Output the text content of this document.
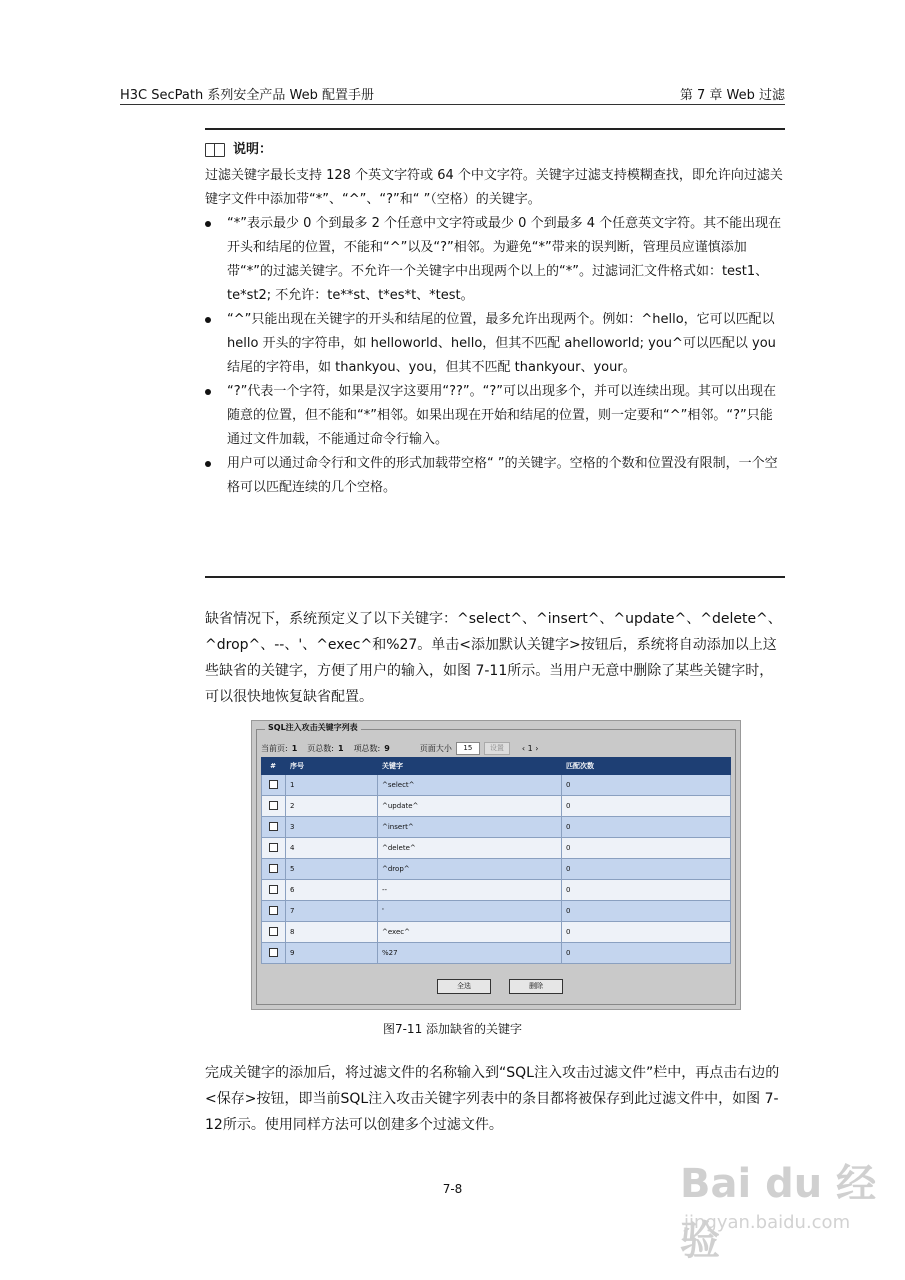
H3C SecPath 系列安全产品 Web 配置手册	第 7 章 Web 过滤
说明：

过滤关键字最长支持 128 个英文字符或 64 个中文字符。关键字过滤支持模糊查找，即允许向过滤关键字文件中添加带“*”、“^”、“?”和“ ”（空格）的关键字。

“*”表示最少 0 个到最多 2 个任意中文字符或最少 0 个到最多 4 个任意英文字符。其不能出现在开头和结尾的位置，不能和“^”以及“?”相邻。为避免“*”带来的误判断，管理员应谨慎添加带“*”的过滤关键字。不允许一个关键字中出现两个以上的“*”。过滤词汇文件格式如：test1、te*st2; 不允许：te**st、t*es*t、*test。
“^”只能出现在关键字的开头和结尾的位置，最多允许出现两个。例如：^hello，它可以匹配以 hello 开头的字符串，如 helloworld、hello，但其不匹配 ahelloworld; you^可以匹配以 you 结尾的字符串，如 thankyou、you，但其不匹配 thankyour、your。
“?”代表一个字符，如果是汉字这要用“??”。“?”可以出现多个，并可以连续出现。其可以出现在随意的位置，但不能和“*”相邻。如果出现在开始和结尾的位置，则一定要和“^”相邻。“?”只能通过文件加载，不能通过命令行输入。
用户可以通过命令行和文件的形式加载带空格“ ”的关键字。空格的个数和位置没有限制，一个空格可以匹配连续的几个空格。

缺省情况下，系统预定义了以下关键字：^select^、^insert^、^update^、^delete^、^drop^、--、'、^exec^和%27。单击<添加默认关键字>按钮后，系统将自动添加以上这些缺省的关键字，方便了用户的输入，如图 7-11所示。当用户无意中删除了某些关键字时，可以很快地恢复缺省配置。

SQL注入攻击关键字列表
当前页: 1 页总数: 1 项总数: 9	页面大小	15	设置	‹ 1 ›
#	序号	关键字	匹配次数
	1	^select^	0
	2	^update^	0
	3	^insert^	0
	4	^delete^	0
	5	^drop^	0
	6	--	0
	7	'	0
	8	^exec^	0
	9	%27	0
全选	删除
图7-11 添加缺省的关键字

完成关键字的添加后，将过滤文件的名称输入到“SQL注入攻击过滤文件”栏中，再点击右边的<保存>按钮，即当前SQL注入攻击关键字列表中的条目都将被保存到此过滤文件中，如图 7-12所示。使用同样方法可以创建多个过滤文件。

7-8	Bai du 经验
jingyan.baidu.com
